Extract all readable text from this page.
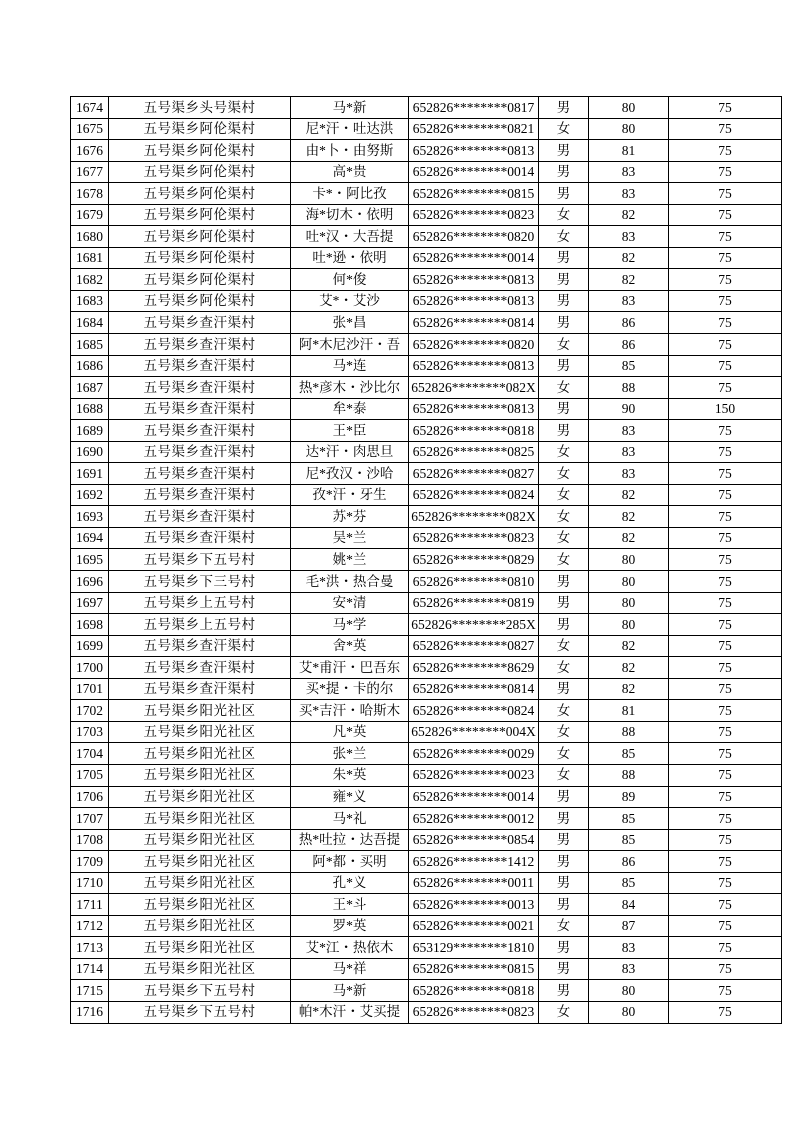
1674	五号渠乡头号渠村	马*新	652826********0817	男	80	75
1675	五号渠乡阿伦渠村	尼*汗・吐达洪	652826********0821	女	80	75
1676	五号渠乡阿伦渠村	由*卜・由努斯	652826********0813	男	81	75
1677	五号渠乡阿伦渠村	高*贵	652826********0014	男	83	75
1678	五号渠乡阿伦渠村	卡*・阿比孜	652826********0815	男	83	75
1679	五号渠乡阿伦渠村	海*切木・依明	652826********0823	女	82	75
1680	五号渠乡阿伦渠村	吐*汉・大吾提	652826********0820	女	83	75
1681	五号渠乡阿伦渠村	吐*逊・依明	652826********0014	男	82	75
1682	五号渠乡阿伦渠村	何*俊	652826********0813	男	82	75
1683	五号渠乡阿伦渠村	艾*・艾沙	652826********0813	男	83	75
1684	五号渠乡查汗渠村	张*昌	652826********0814	男	86	75
1685	五号渠乡查汗渠村	阿*木尼沙汗・吾	652826********0820	女	86	75
1686	五号渠乡查汗渠村	马*连	652826********0813	男	85	75
1687	五号渠乡查汗渠村	热*彦木・沙比尔	652826********082X	女	88	75
1688	五号渠乡查汗渠村	牟*泰	652826********0813	男	90	150
1689	五号渠乡查汗渠村	王*臣	652826********0818	男	83	75
1690	五号渠乡查汗渠村	达*汗・肉思旦	652826********0825	女	83	75
1691	五号渠乡查汗渠村	尼*孜汉・沙哈	652826********0827	女	83	75
1692	五号渠乡查汗渠村	孜*汗・牙生	652826********0824	女	82	75
1693	五号渠乡查汗渠村	苏*芬	652826********082X	女	82	75
1694	五号渠乡查汗渠村	吴*兰	652826********0823	女	82	75
1695	五号渠乡下五号村	姚*兰	652826********0829	女	80	75
1696	五号渠乡下三号村	毛*洪・热合曼	652826********0810	男	80	75
1697	五号渠乡上五号村	安*清	652826********0819	男	80	75
1698	五号渠乡上五号村	马*学	652826********285X	男	80	75
1699	五号渠乡查汗渠村	舍*英	652826********0827	女	82	75
1700	五号渠乡查汗渠村	艾*甫汗・巴吾东	652826********8629	女	82	75
1701	五号渠乡查汗渠村	买*提・卡的尔	652826********0814	男	82	75
1702	五号渠乡阳光社区	买*吉汗・哈斯木	652826********0824	女	81	75
1703	五号渠乡阳光社区	凡*英	652826********004X	女	88	75
1704	五号渠乡阳光社区	张*兰	652826********0029	女	85	75
1705	五号渠乡阳光社区	朱*英	652826********0023	女	88	75
1706	五号渠乡阳光社区	雍*义	652826********0014	男	89	75
1707	五号渠乡阳光社区	马*礼	652826********0012	男	85	75
1708	五号渠乡阳光社区	热*吐拉・达吾提	652826********0854	男	85	75
1709	五号渠乡阳光社区	阿*都・买明	652826********1412	男	86	75
1710	五号渠乡阳光社区	孔*义	652826********0011	男	85	75
1711	五号渠乡阳光社区	王*斗	652826********0013	男	84	75
1712	五号渠乡阳光社区	罗*英	652826********0021	女	87	75
1713	五号渠乡阳光社区	艾*江・热依木	653129********1810	男	83	75
1714	五号渠乡阳光社区	马*祥	652826********0815	男	83	75
1715	五号渠乡下五号村	马*新	652826********0818	男	80	75
1716	五号渠乡下五号村	帕*木汗・艾买提	652826********0823	女	80	75
